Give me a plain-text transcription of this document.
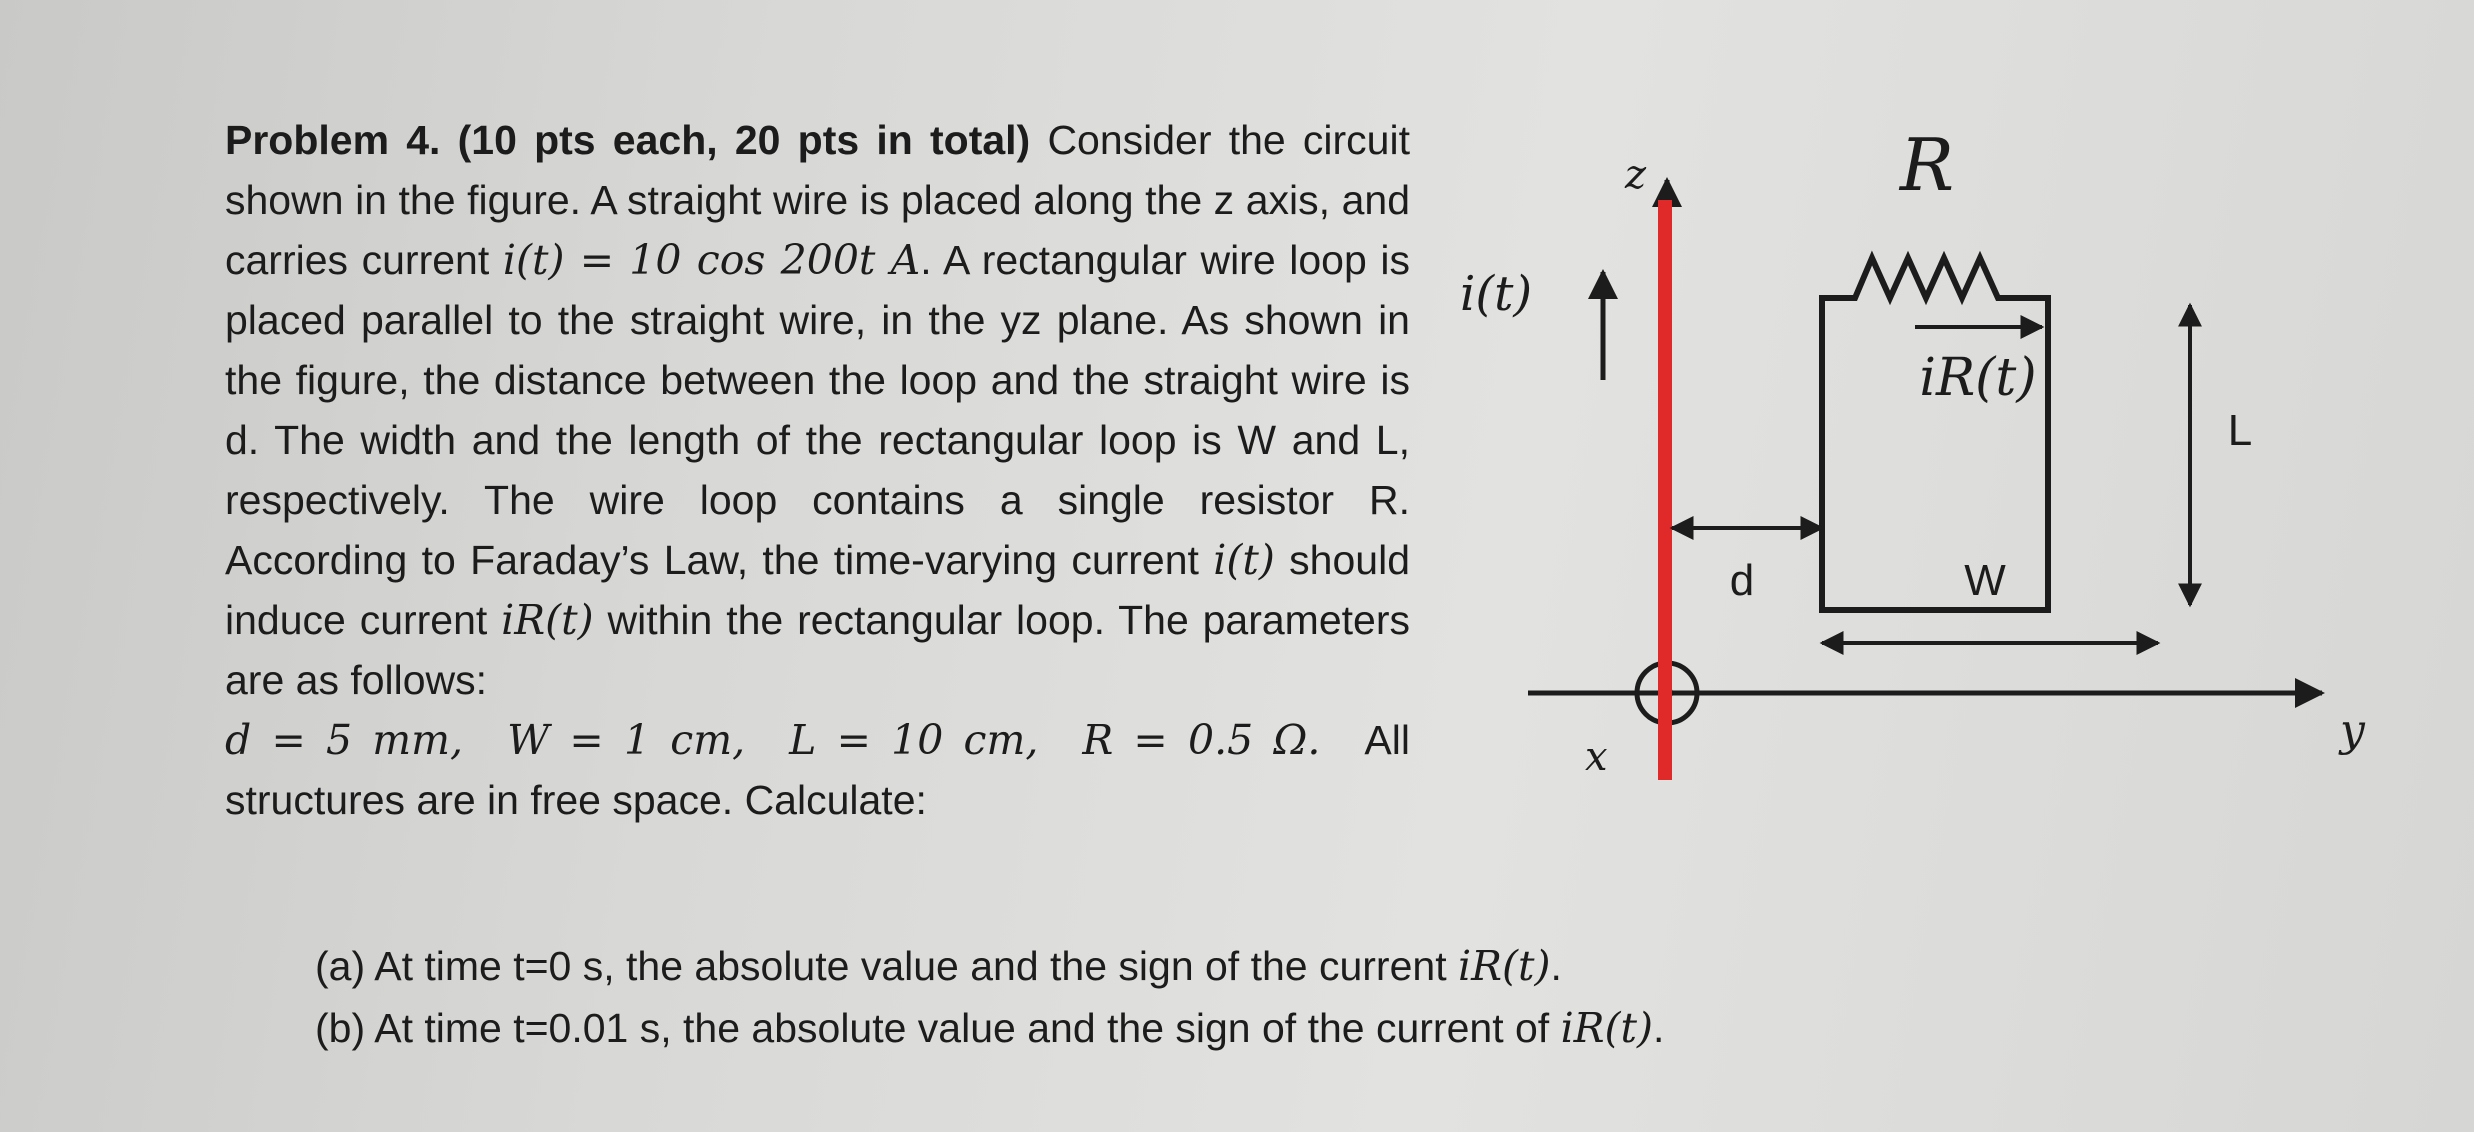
Problem 4. (10 pts each, 20 pts in total) Consider the circuit shown in the figure. A straight wire is placed along the z axis, and carries current i(t) = 10 cos 200t A. A rectangular wire loop is placed parallel to the straight wire, in the yz plane. As shown in the figure, the distance between the loop and the straight wire is d. The width and the length of the rectangular loop is W and L, respectively. The wire loop contains a single resistor R. According to Faraday’s Law, the time-varying current i(t) should induce current iR(t) within the rectangular loop. The parameters are as follows:
d = 5 mm, W = 1 cm, L = 10 cm, R = 0.5 Ω. All structures are in free space. Calculate:
(a) At time t=0 s, the absolute value and the sign of the current iR(t).
(b) At time t=0.01 s, the absolute value and the sign of the current of iR(t).
z
y
x
i(t)
R
iR(t)
d	W
L
